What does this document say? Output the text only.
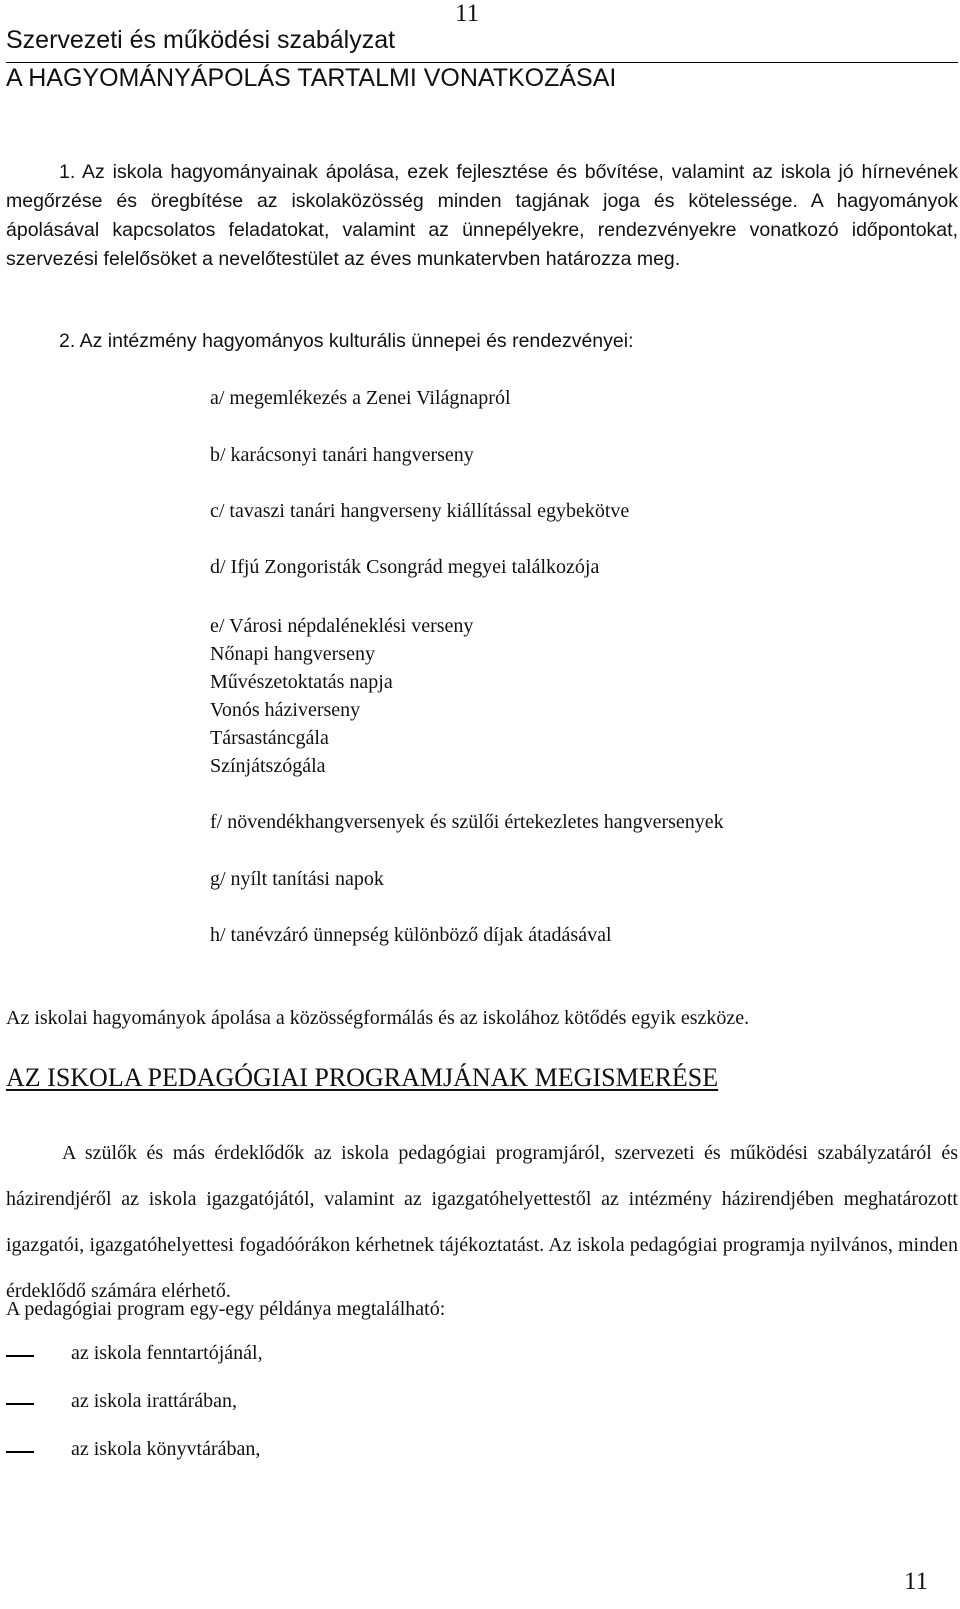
11
Szervezeti és működési szabályzat
A HAGYOMÁNYÁPOLÁS TARTALMI VONATKOZÁSAI

1. Az iskola hagyományainak ápolása, ezek fejlesztése és bővítése, valamint az iskola jó hírnevének megőrzése és öregbítése az iskolaközösség minden tagjának joga és kötelessége. A hagyományok ápolásával kapcsolatos feladatokat, valamint az ünnepélyekre, rendezvényekre vonatkozó időpontokat, szervezési felelősöket a nevelőtestület az éves munkatervben határozza meg.

2. Az intézmény hagyományos kulturális ünnepei és rendezvényei:
a/ megemlékezés a Zenei Világnapról
b/ karácsonyi tanári hangverseny
c/ tavaszi tanári hangverseny kiállítással egybekötve
d/ Ifjú Zongoristák Csongrád megyei találkozója
e/ Városi népdaléneklési verseny
Nőnapi hangverseny
Művészetoktatás napja
Vonós háziverseny
Társastáncgála
Színjátszógála
f/ növendékhangversenyek és szülői értekezletes hangversenyek
g/ nyílt tanítási napok
h/ tanévzáró ünnepség különböző díjak átadásával
Az iskolai hagyományok ápolása a közösségformálás és az iskolához kötődés egyik eszköze.
AZ ISKOLA PEDAGÓGIAI PROGRAMJÁNAK MEGISMERÉSE

A szülők és más érdeklődők az iskola pedagógiai programjáról, szervezeti és működési szabályzatáról és házirendjéről az iskola igazgatójától, valamint az igazgatóhelyettestől az intézmény házirendjében meghatározott igazgatói, igazgatóhelyettesi fogadóórákon kérhetnek tájékoztatást. Az iskola pedagógiai programja nyilvános, minden érdeklődő számára elérhető.

A pedagógiai program egy-egy példánya megtalálható:
az iskola fenntartójánál,
az iskola irattárában,
az iskola könyvtárában,
11
